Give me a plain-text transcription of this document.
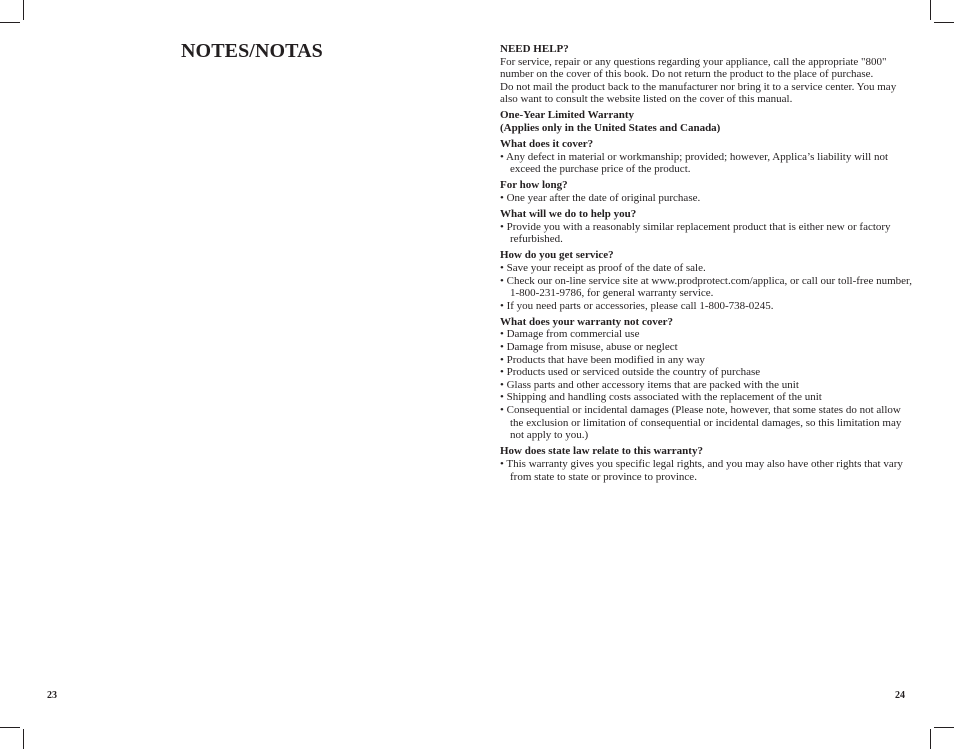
NOTES/NOTAS
23

NEED HELP?

For service, repair or any questions regarding your appliance, call the appropriate "800" number on the cover of this book. Do not return the product to the place of purchase.

Do not mail the product back to the manufacturer nor bring it to a service center. You may also want to consult the website listed on the cover of this manual.

One-Year Limited Warranty

(Applies only in the United States and Canada)

What does it cover?

• Any defect in material or workmanship; provided; however, Applica’s liability will not exceed the purchase price of the product.

For how long?

• One year after the date of original purchase.

What will we do to help you?

• Provide you with a reasonably similar replacement product that is either new or factory refurbished.

How do you get service?

• Save your receipt as proof of the date of sale.

• Check our on-line service site at www.prodprotect.com/applica, or call our toll-free number, 1-800-231-9786, for general warranty service.

• If you need parts or accessories, please call 1-800-738-0245.

What does your warranty not cover?

• Damage from commercial use

• Damage from misuse, abuse or neglect

• Products that have been modified in any way

• Products used or serviced outside the country of purchase

• Glass parts and other accessory items that are packed with the unit

• Shipping and handling costs associated with the replacement of the unit

• Consequential or incidental damages (Please note, however, that some states do not allow the exclusion or limitation of consequential or incidental damages, so this limitation may not apply to you.)

How does state law relate to this warranty?

• This warranty gives you specific legal rights, and you may also have other rights that vary from state to state or province to province.

24
